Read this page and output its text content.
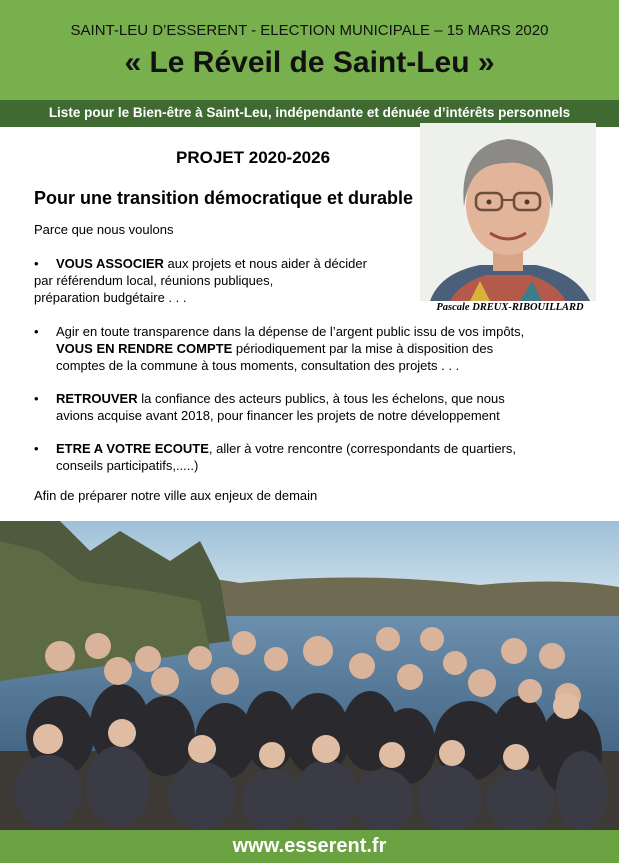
SAINT-LEU D’ESSERENT - ELECTION MUNICIPALE – 15 MARS 2020
« Le Réveil de Saint-Leu »
Liste pour le Bien-être à Saint-Leu, indépendante et dénuée d’intérêts personnels
PROJET 2020-2026
Pour une transition démocratique et durable
Parce que nous voulons
•	VOUS ASSOCIER aux projets et nous aider à décider
par référendum local, réunions publiques,
préparation budgétaire . . .
• Agir en toute transparence dans la dépense de l’argent public issu de vos impôts,
VOUS EN RENDRE COMPTE périodiquement par la mise à disposition des
comptes de la commune à tous moments, consultation des projets . . .
• RETROUVER la confiance des acteurs publics, à tous les échelons, que nous
avions acquise avant 2018, pour financer les projets de notre développement
• ETRE A VOTRE ECOUTE, aller à votre rencontre (correspondants de quartiers,
conseils participatifs,.....)
Afin de préparer notre ville aux enjeux de demain
Pascale DREUX-RIBOUILLARD
www.esserent.fr
